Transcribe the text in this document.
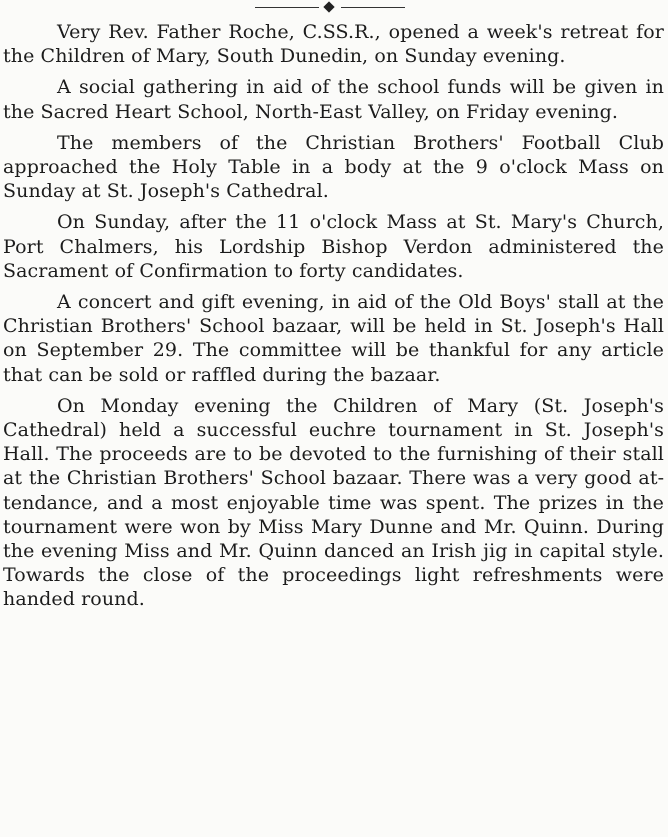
Very Rev. Father Roche, C.SS.R., opened a week's retreat for the Children of Mary, South Dunedin, on Sunday evening.

A social gathering in aid of the school funds will be given in the Sacred Heart School, North-East Valley, on Friday evening.

The members of the Christian Brothers' Football Club approached the Holy Table in a body at the 9 o'clock Mass on Sunday at St. Joseph's Cathedral.

On Sunday, after the 11 o'clock Mass at St. Mary's Church, Port Chalmers, his Lordship Bishop Verdon administered the Sacrament of Confirmation to forty candidates.

A concert and gift evening, in aid of the Old Boys' stall at the Christian Brothers' School bazaar, will be held in St. Joseph's Hall on September 29. The committee will be thankful for any article that can be sold or raffled during the bazaar.

On Monday evening the Children of Mary (St. Joseph's Cathedral) held a successful euchre tournament in St. Joseph's Hall. The proceeds are to be devoted to the furnishing of their stall at the Christian Brothers' School bazaar. There was a very good attendance, and a most enjoyable time was spent. The prizes in the tournament were won by Miss Mary Dunne and Mr. Quinn. During the evening Miss and Mr. Quinn danced an Irish jig in capital style. Towards the close of the proceedings light refreshments were handed round.
